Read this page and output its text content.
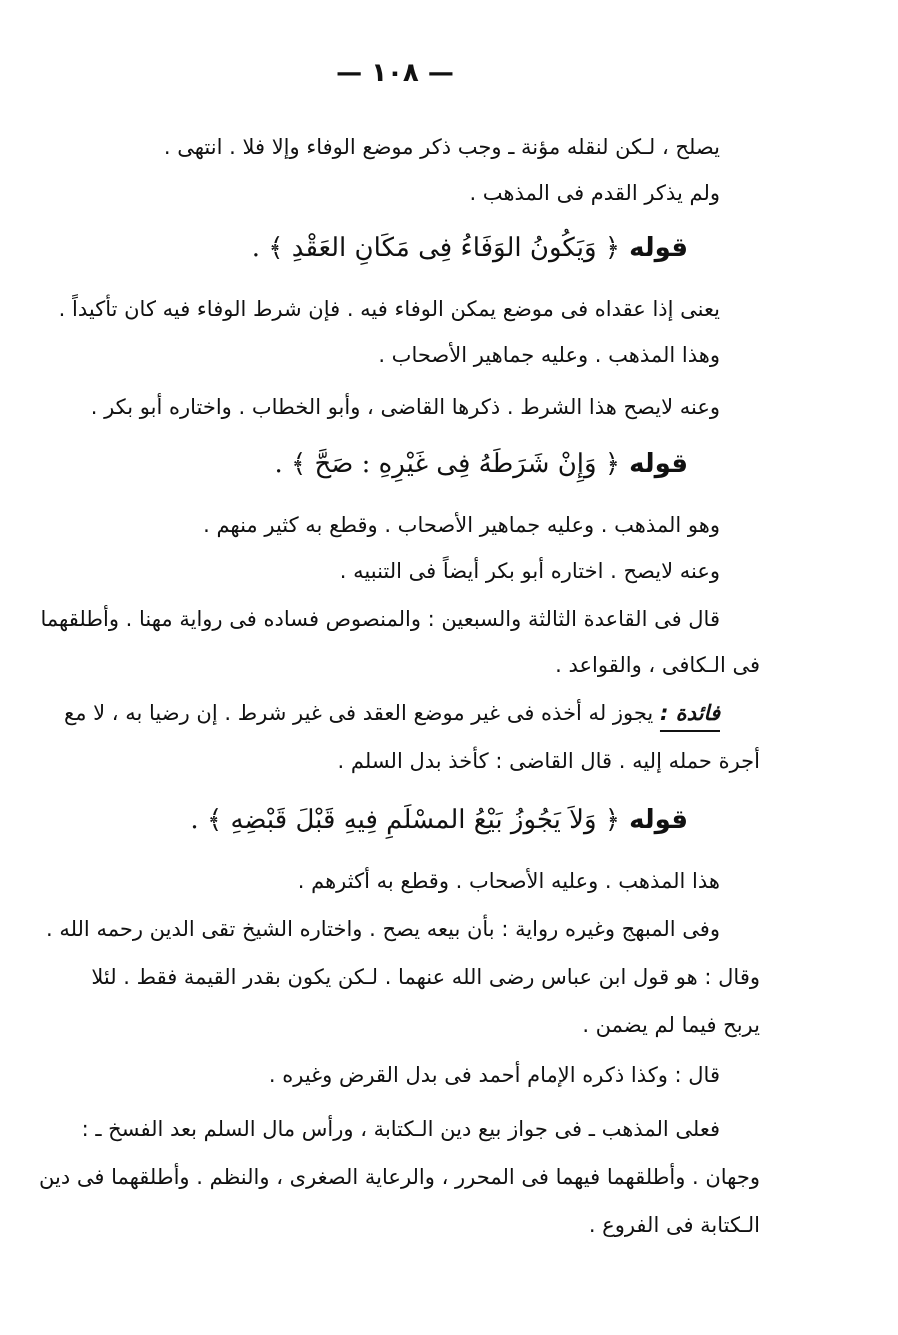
— ١٠٨ —
يصلح ، لـكن لنقله مؤنة ـ وجب ذكر موضع الوفاء وإلا فلا . انتهى .
ولم يذكر القدم فى المذهب .
قوله ﴿ وَيَكُونُ الوَفَاءُ فِى مَكَانِ العَقْدِ ﴾ .
يعنى إذا عقداه فى موضع يمكن الوفاء فيه . فإن شرط الوفاء فيه كان تأكيداً .
وهذا المذهب . وعليه جماهير الأصحاب .
وعنه لايصح هذا الشرط . ذكرها القاضى ، وأبو الخطاب . واختاره أبو بكر .
قوله ﴿ وَإِنْ شَرَطَهُ فِى غَيْرِهِ : صَحَّ ﴾ .
وهو المذهب . وعليه جماهير الأصحاب . وقطع به كثير منهم .
وعنه لايصح . اختاره أبو بكر أيضاً فى التنبيه .
قال فى القاعدة الثالثة والسبعين : والمنصوص فساده فى رواية مهنا . وأطلقهما
فى الـكافى ، والقواعد .
فائدة : يجوز له أخذه فى غير موضع العقد فى غير شرط . إن رضيا به ، لا مع
أجرة حمله إليه . قال القاضى : كأخذ بدل السلم .
قوله ﴿ وَلاَ يَجُوزُ بَيْعُ المسْلَمِ فِيهِ قَبْلَ قَبْضِهِ ﴾ .
هذا المذهب . وعليه الأصحاب . وقطع به أكثرهم .
وفى المبهج وغيره رواية : بأن بيعه يصح . واختاره الشيخ تقى الدين رحمه الله .
وقال : هو قول ابن عباس رضى الله عنهما . لـكن يكون بقدر القيمة فقط . لئلا
يربح فيما لم يضمن .
قال : وكذا ذكره الإمام أحمد فى بدل القرض وغيره .
فعلى المذهب ـ فى جواز بيع دين الـكتابة ، ورأس مال السلم بعد الفسخ ـ :
وجهان . وأطلقهما فيهما فى المحرر ، والرعاية الصغرى ، والنظم . وأطلقهما فى دين
الـكتابة فى الفروع .
